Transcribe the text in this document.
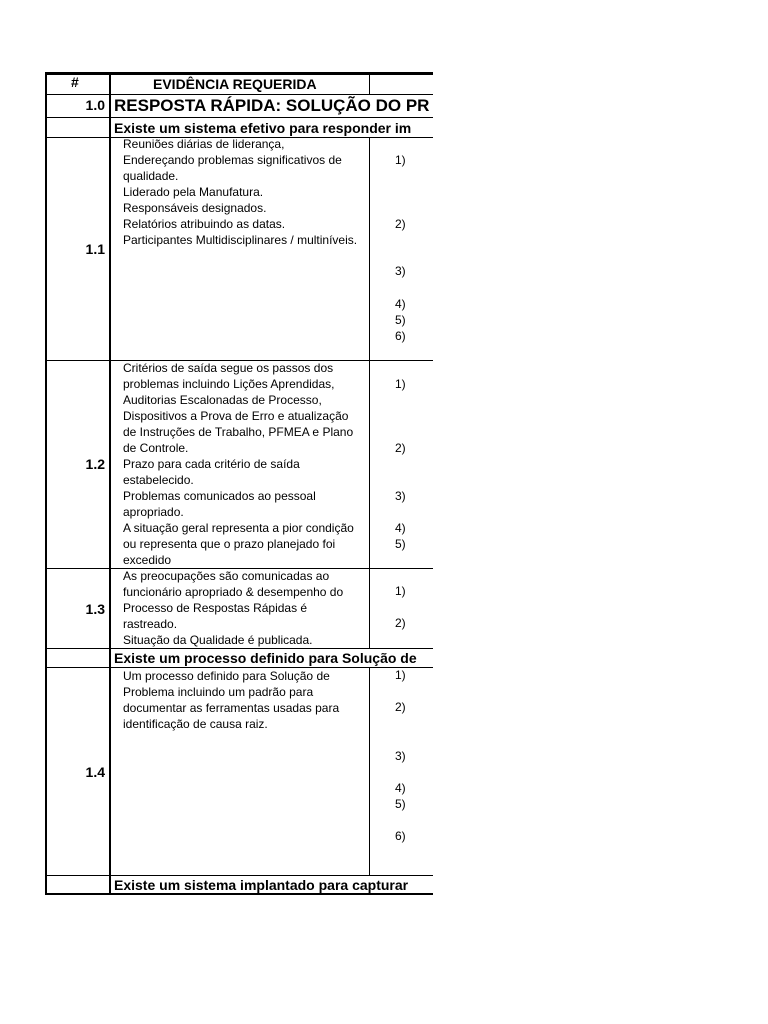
#	EVIDÊNCIA REQUERIDA
1.0 RESPOSTA RÁPIDA: SOLUÇÃO DO PR
Existe um sistema efetivo para responder im
1.1
Reuniões diárias de liderança,
Endereçando problemas significativos de
qualidade.
Liderado pela Manufatura.
Responsáveis designados.
Relatórios atribuindo as datas.
Participantes Multidisciplinares / multiníveis.
1)
2)
3)
4)
5)
6)
1.2
Critérios de saída segue os passos dos
problemas incluindo Lições Aprendidas,
Auditorias Escalonadas de Processo,
Dispositivos a Prova de Erro e atualização
de Instruções de Trabalho, PFMEA e Plano
de Controle.
Prazo para cada critério de saída
estabelecido.
Problemas comunicados ao pessoal
apropriado.
A situação geral representa a pior condição
ou representa que o prazo planejado foi
excedido
1)
2)
3)
4)
5)
1.3
As preocupações são comunicadas ao
funcionário apropriado & desempenho do
Processo de Respostas Rápidas é
rastreado.
Situação da Qualidade é publicada.
1)
2)
Existe um processo definido para Solução de
1.4
Um processo definido para Solução de
Problema incluindo um padrão para
documentar as ferramentas usadas para
identificação de causa raiz.
1)
2)
3)
4)
5)
6)
Existe um sistema implantado para capturar
